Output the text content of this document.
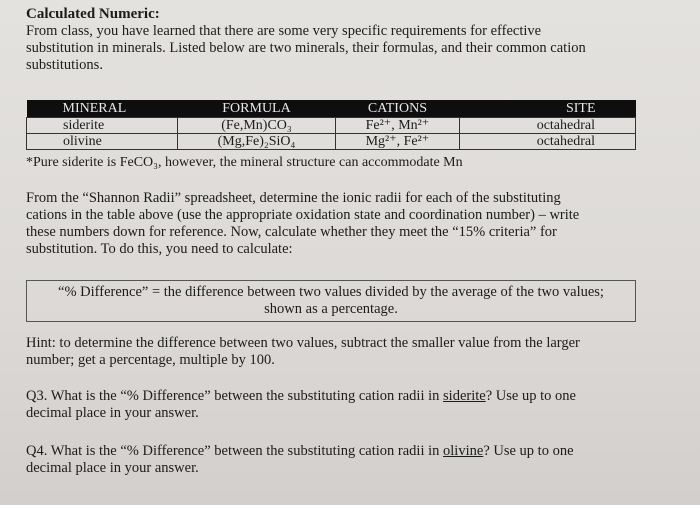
Calculated Numeric:
From class, you have learned that there are some very specific requirements for effective
substitution in minerals. Listed below are two minerals, their formulas, and their common cation
substitutions.
MINERAL	FORMULA	CATIONS	SITE
siderite	(Fe,Mn)CO₃	Fe²⁺, Mn²⁺	octahedral
olivine	(Mg,Fe)₂SiO₄	Mg²⁺, Fe²⁺	octahedral
*Pure siderite is FeCO₃, however, the mineral structure can accommodate Mn
From the “Shannon Radii” spreadsheet, determine the ionic radii for each of the substituting
cations in the table above (use the appropriate oxidation state and coordination number) – write
these numbers down for reference. Now, calculate whether they meet the “15% criteria” for
substitution. To do this, you need to calculate:
“% Difference” = the difference between two values divided by the average of the two values;
shown as a percentage.
Hint: to determine the difference between two values, subtract the smaller value from the larger
number; get a percentage, multiple by 100.
Q3. What is the “% Difference” between the substituting cation radii in siderite? Use up to one
decimal place in your answer.
Q4. What is the “% Difference” between the substituting cation radii in olivine? Use up to one
decimal place in your answer.
